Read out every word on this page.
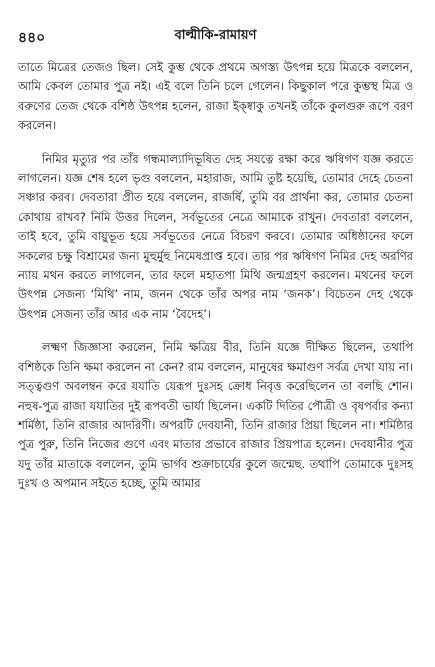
৪৪০	বাল্মীকি-রামায়ণ

তাতে মিত্রের তেজও ছিল। সেই কুম্ভ থেকে প্রথমে অগস্ত্য উৎপন্ন হয়ে মিত্রকে বললেন, আমি কেবল তোমার পুত্র নই। এই বলে তিনি চলে গেলেন। কিছুকাল পরে কুম্ভস্থ মিত্র ও বরুণের তেজ থেকে বশিষ্ঠ উৎপন্ন হলেন, রাজা ইক্ষ্বাকু তখনই তাঁকে কুলগুরু রূপে বরণ করলেন।

নিমির মৃত্যুর পর তাঁর গন্ধমাল্যাদিভূষিত দেহ সযত্নে রক্ষা করে ঋষিগণ যজ্ঞ করতে লাগলেন। যজ্ঞ শেষ হলে ভৃগু বললেন, মহারাজ, আমি তুষ্ট হয়েছি, তোমার দেহে চেতনা সঞ্চার করব। দেবতারা প্রীত হয়ে বললেন, রাজর্ষি, তুমি বর প্রার্থনা কর, তোমার চেতনা কোথায় রাখব? নিমি উত্তর দিলেন, সর্বভূতের নেত্রে আমাকে রাখুন। দেবতারা বললেন, তাই হবে, তুমি বায়ুভূত হয়ে সর্বভূতের নেত্রে বিচরণ করবে। তোমার অধিষ্ঠানের ফলে সকলের চক্ষু বিশ্রামের জন্য মুহুর্মুহু নিমেষপ্রাপ্ত হবে। তার পর ঋষিগণ নিমির দেহ অরণির ন্যায় মথন করতে লাগলেন, তার ফলে মহাতপা মিথি জন্মগ্রহণ করলেন। মথনের ফলে উৎপন্ন সেজন্য ‘মিথি’ নাম, জনন থেকে তাঁর অপর নাম ‘জনক’। বিচেতন দেহ থেকে উৎপন্ন সেজন্য তাঁর আর এক নাম ‘বৈদেহ’।

লক্ষ্মণ জিজ্ঞাসা করলেন, নিমি ক্ষত্রিয় বীর, তিনি যজ্ঞে দীক্ষিত ছিলেন, তথাপি বশিষ্ঠকে তিনি ক্ষমা করলেন না কেন? রাম বললেন, মানুষের ক্ষমাগুণ সর্বত্র দেখা যায় না। সত্ত্বগুণ অবলম্বন করে যযাতি যেরূপ দুঃসহ ক্রোধ নিবৃত্ত করেছিলেন তা বলছি শোন। নহুষ-পুত্র রাজা যযাতির দুই রূপবতী ভার্যা ছিলেন। একটি দিতির পৌত্রী ও বৃষপর্বার কন্যা শর্মিষ্ঠা, তিনি রাজার আদরিণী। অপরটি দেবযানী, তিনি রাজার প্রিয়া ছিলেন না। শর্মিষ্ঠার পুত্র পুরু, তিনি নিজের গুণে এবং মাতার প্রভাবে রাজার প্রিয়পাত্র হলেন। দেবযানীর পুত্র যদু তাঁর মাতাকে বললেন, তুমি ভার্গব শুক্রাচার্যের কুলে জন্মেছ. তথাপি তোমাকে দুঃসহ দুঃখ ও অপমান সইতে হচ্ছে, তুমি আমার
